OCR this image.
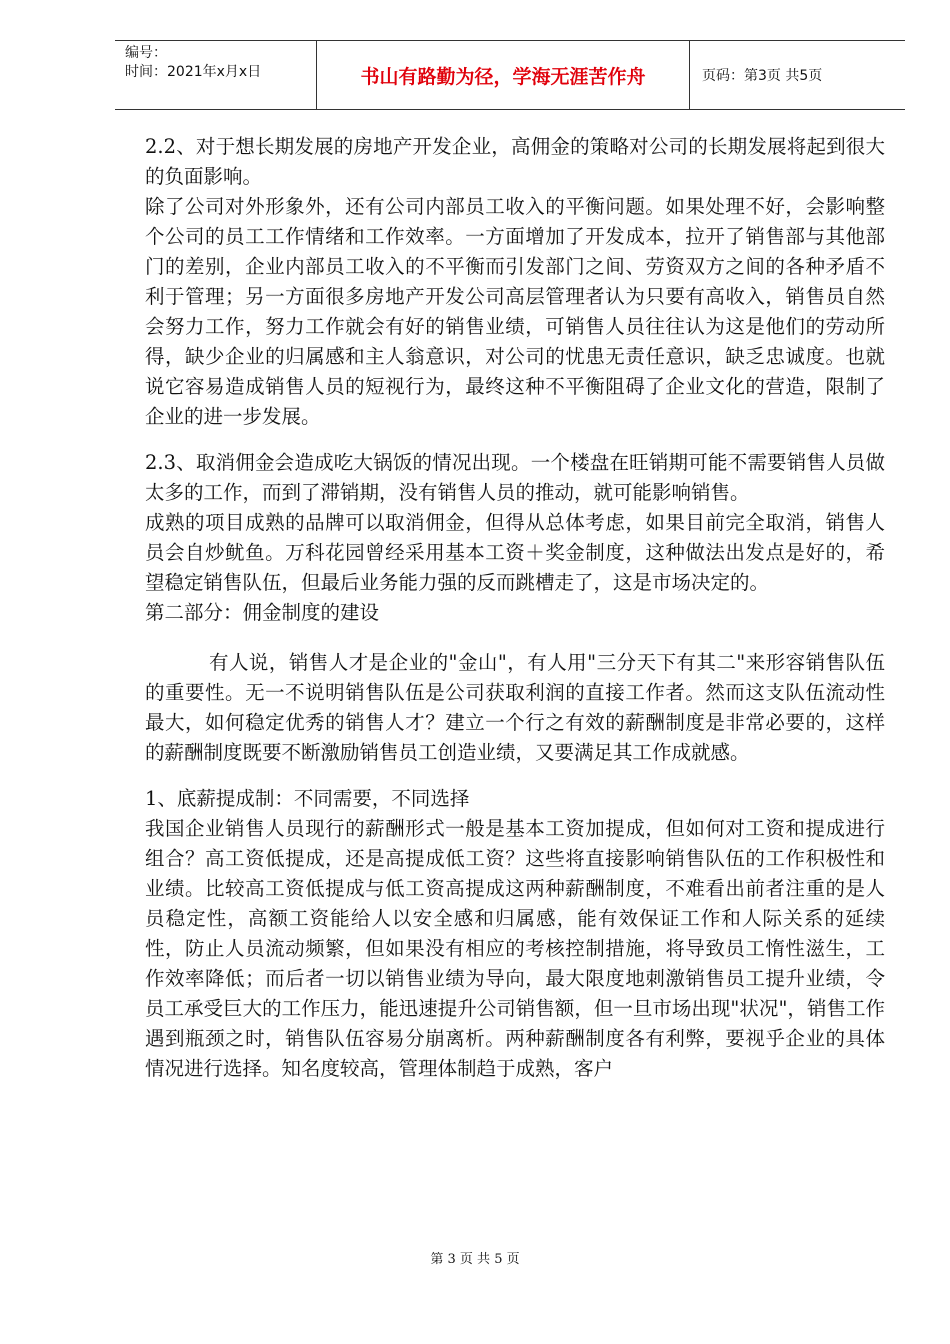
编号：
时间：2021年x月x日	书山有路勤为径，学海无涯苦作舟	页码：第3页 共5页

2.2、对于想长期发展的房地产开发企业，高佣金的策略对公司的长期发展将起到很大的负面影响。

除了公司对外形象外，还有公司内部员工收入的平衡问题。如果处理不好，会影响整个公司的员工工作情绪和工作效率。一方面增加了开发成本，拉开了销售部与其他部门的差别，企业内部员工收入的不平衡而引发部门之间、劳资双方之间的各种矛盾不利于管理；另一方面很多房地产开发公司高层管理者认为只要有高收入，销售员自然会努力工作，努力工作就会有好的销售业绩，可销售人员往往认为这是他们的劳动所得，缺少企业的归属感和主人翁意识，对公司的忧患无责任意识，缺乏忠诚度。也就说它容易造成销售人员的短视行为，最终这种不平衡阻碍了企业文化的营造，限制了企业的进一步发展。

2.3、取消佣金会造成吃大锅饭的情况出现。一个楼盘在旺销期可能不需要销售人员做太多的工作，而到了滞销期，没有销售人员的推动，就可能影响销售。

成熟的项目成熟的品牌可以取消佣金，但得从总体考虑，如果目前完全取消，销售人员会自炒鱿鱼。万科花园曾经采用基本工资＋奖金制度，这种做法出发点是好的，希望稳定销售队伍，但最后业务能力强的反而跳槽走了，这是市场决定的。

第二部分：佣金制度的建设

有人说，销售人才是企业的"金山"，有人用"三分天下有其二"来形容销售队伍的重要性。无一不说明销售队伍是公司获取利润的直接工作者。然而这支队伍流动性最大，如何稳定优秀的销售人才？建立一个行之有效的薪酬制度是非常必要的，这样的薪酬制度既要不断激励销售员工创造业绩，又要满足其工作成就感。

1、底薪提成制：不同需要，不同选择

我国企业销售人员现行的薪酬形式一般是基本工资加提成，但如何对工资和提成进行组合？高工资低提成，还是高提成低工资？这些将直接影响销售队伍的工作积极性和业绩。比较高工资低提成与低工资高提成这两种薪酬制度，不难看出前者注重的是人员稳定性，高额工资能给人以安全感和归属感，能有效保证工作和人际关系的延续性，防止人员流动频繁，但如果没有相应的考核控制措施，将导致员工惰性滋生，工作效率降低；而后者一切以销售业绩为导向，最大限度地刺激销售员工提升业绩，令员工承受巨大的工作压力，能迅速提升公司销售额，但一旦市场出现"状况"，销售工作遇到瓶颈之时，销售队伍容易分崩离析。两种薪酬制度各有利弊，要视乎企业的具体情况进行选择。知名度较高，管理体制趋于成熟，客户

第 3 页 共 5 页
